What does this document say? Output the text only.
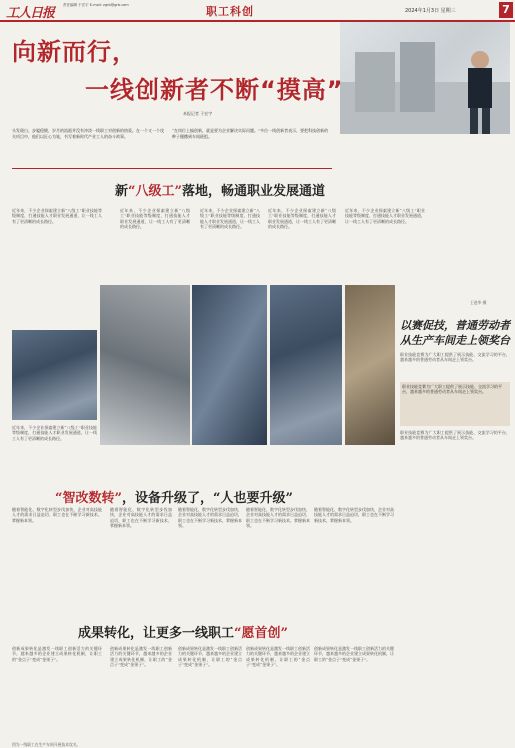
工人日报
责任编辑 于宏宇 E-mail: zgrb@grb.com	职工科创	2024年1月3日 星期三	7
王进华 摄
向新而行，
一线创新者不断“摸高”
本报记者 于宏宇
头发斑白、步履稳健，岁月的流逝并没有冲淡一线职工对创新的热爱。在一个又一个攻关项目中，他们以匠心为笔，书写着新时代产业工人的奋斗故事。
“在岗位上搞创新，就是要为企业解决实际问题。”多位一线创新者表示，要把科技创新的种子播撒到车间班组。
新“八级工”落地，畅通职业发展通道
近年来，不少企业探索建立新“八级工”职业技能等级制度，打通技能人才职业发展通道，让一线工人有了更清晰的成长路径。
近年来，不少企业探索建立新“八级工”职业技能等级制度，打通技能人才职业发展通道，让一线工人有了更清晰的成长路径。
近年来，不少企业探索建立新“八级工”职业技能等级制度，打通技能人才职业发展通道，让一线工人有了更清晰的成长路径。
近年来，不少企业探索建立新“八级工”职业技能等级制度，打通技能人才职业发展通道，让一线工人有了更清晰的成长路径。
近年来，不少企业探索建立新“八级工”职业技能等级制度，打通技能人才职业发展通道，让一线工人有了更清晰的成长路径。
近年来，不少企业探索建立新“八级工”职业技能等级制度，打通技能人才职业发展通道，让一线工人有了更清晰的成长路径。
以赛促技，普通劳动者
从生产车间走上领奖台
职业技能竞赛为广大职工提供了展示技能、交流学习的平台，越来越多的普通劳动者从车间走上领奖台。
职业技能竞赛为广大职工提供了展示技能、交流学习的平台，越来越多的普通劳动者从车间走上领奖台。
职业技能竞赛为广大职工提供了展示技能、交流学习的平台，越来越多的普通劳动者从车间走上领奖台。
“智改数转”，设备升级了，“人也要升级”
随着智能化、数字化转型步伐加快，企业对高技能人才的需求日益迫切，职工也在不断学习新技术、掌握新本领。
随着智能化、数字化转型步伐加快，企业对高技能人才的需求日益迫切，职工也在不断学习新技术、掌握新本领。
随着智能化、数字化转型步伐加快，企业对高技能人才的需求日益迫切，职工也在不断学习新技术、掌握新本领。
随着智能化、数字化转型步伐加快，企业对高技能人才的需求日益迫切，职工也在不断学习新技术、掌握新本领。
随着智能化、数字化转型步伐加快，企业对高技能人才的需求日益迫切，职工也在不断学习新技术、掌握新本领。
成果转化，让更多一线职工“愿首创”
创新成果转化是激发一线职工创新活力的关键环节，越来越多的企业建立成果转化机制，让职工的“金点子”变成“金果子”。
创新成果转化是激发一线职工创新活力的关键环节，越来越多的企业建立成果转化机制，让职工的“金点子”变成“金果子”。
创新成果转化是激发一线职工创新活力的关键环节，越来越多的企业建立成果转化机制，让职工的“金点子”变成“金果子”。
创新成果转化是激发一线职工创新活力的关键环节，越来越多的企业建立成果转化机制，让职工的“金点子”变成“金果子”。
创新成果转化是激发一线职工创新活力的关键环节，越来越多的企业建立成果转化机制，让职工的“金点子”变成“金果子”。
图为一线职工在生产车间开展技术攻关。
